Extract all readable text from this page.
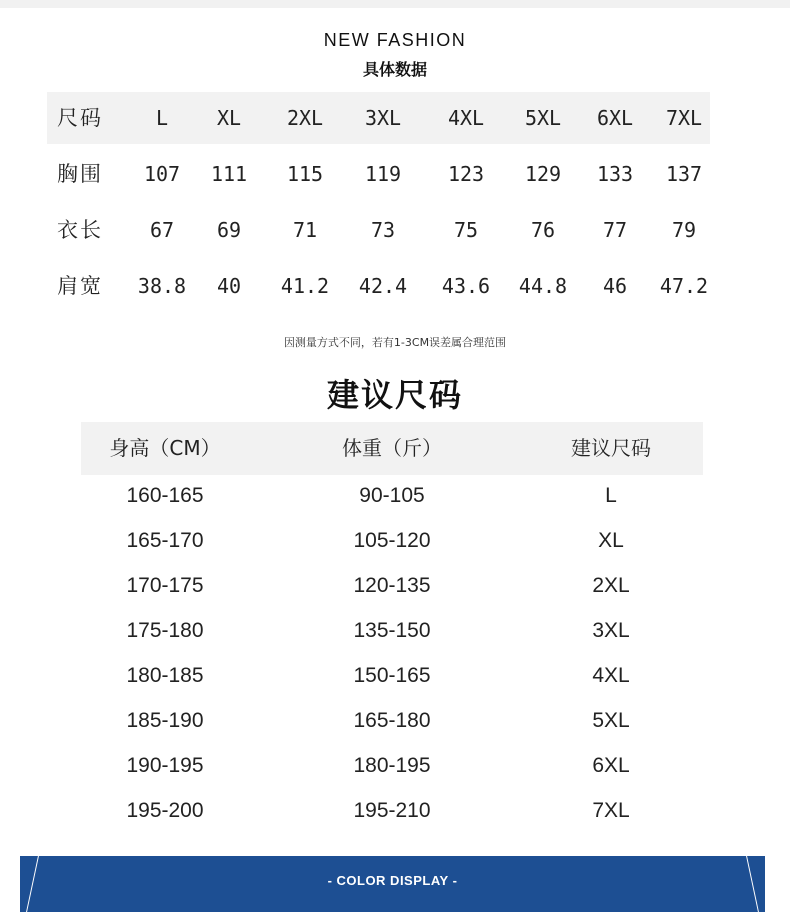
NEW FASHION
具体数据
尺码	L XL 2XL 3XL 4XL 5XL 6XL 7XL
胸围 107 111 115 119 123 129 133 137
衣长 67 69	71	73	75	76 77 79
肩宽 38.8 40 41.2 42.4 43.6 44.8 46 47.2
因测量方式不同，若有1-3CM误差属合理范围
建议尺码
身高（CM）	体重（斤）	建议尺码
160-165	90-105	L
165-170	105-120	XL
170-175	120-135	2XL
175-180	135-150	3XL
180-185	150-165	4XL
185-190	165-180	5XL
190-195	180-195	6XL
195-200	195-210	7XL
- COLOR DISPLAY -
